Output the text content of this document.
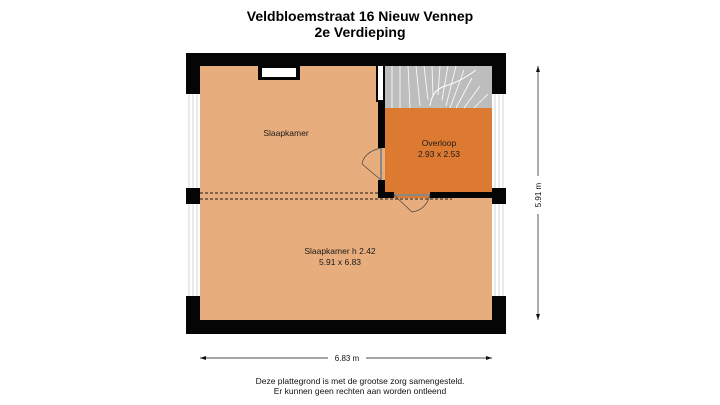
Veldbloemstraat 16 Nieuw Vennep
2e Verdieping
6.83 m
5.91 m
Slaapkamer
Overloop
2.93 x 2.53
Slaapkamer h 2.42
5.91 x 6.83
Deze plattegrond is met de grootse zorg samengesteld.
Er kunnen geen rechten aan worden ontleend
